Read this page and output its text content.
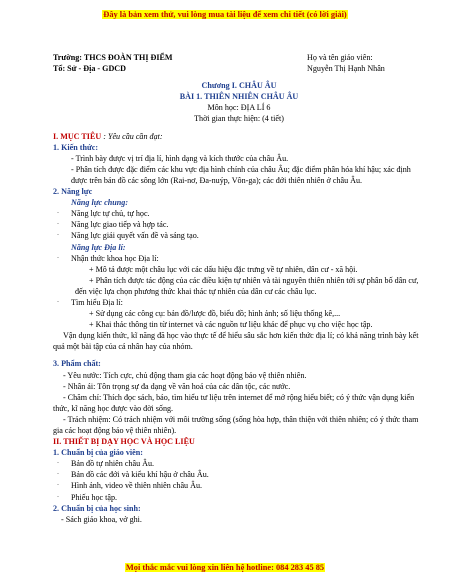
Đây là bản xem thử, vui lòng mua tài liệu để xem chi tiết (có lời giải)
Trường: THCS ĐOÀN THỊ ĐIỂM	Họ và tên giáo viên:
Tổ: Sử - Địa - GDCD	Nguyễn Thị Hạnh Nhân
Chương I. CHÂU ÂU
BÀI 1. THIÊN NHIÊN CHÂU ÂU
Môn học: ĐỊA LÍ 6
Thời gian thực hiện: (4 tiết)
I. MỤC TIÊU : Yêu cầu cần đạt:
1. Kiến thức:
- Trình bày được vị trí địa lí, hình dạng và kích thước của châu Âu.
- Phân tích được đặc điểm các khu vực địa hình chính của châu Âu; đặc điểm phân hóa khí hậu; xác định được trên bản đồ các sông lớn (Rai-nơ, Đa-nuýp, Vôn-ga); các đới thiên nhiên ở châu Âu.
2. Năng lực
Năng lực chung:
- Năng lực tự chủ, tự học.
- Năng lực giao tiếp và hợp tác.
- Năng lực giải quyết vấn đề và sáng tạo.
Năng lực Địa lí:
- Nhận thức khoa học Địa lí:
+ Mô tả được một châu lục với các dấu hiệu đặc trưng về tự nhiên, dân cư - xã hội.
+ Phân tích được tác động của các điều kiện tự nhiên và tài nguyên thiên nhiên tới sự phân bố dân cư, đến việc lựa chọn phương thức khai thác tự nhiên của dân cư các châu lục.
- Tìm hiểu Địa lí:
+ Sử dụng các công cụ: bản đồ/lược đồ, biểu đồ; hình ảnh; số liệu thống kê,...
+ Khai thác thông tin từ internet và các nguồn tư liệu khác để phục vụ cho việc học tập.
Vận dụng kiến thức, kĩ năng đã học vào thực tế để hiểu sâu sắc hơn kiến thức địa lí; có khả năng trình bày kết quả một bài tập của cá nhân hay của nhóm.
3. Phẩm chất:
- Yêu nước: Tích cực, chủ động tham gia các hoạt động bảo vệ thiên nhiên.
- Nhân ái: Tôn trọng sự đa dạng về văn hoá của các dân tộc, các nước.
- Chăm chỉ: Thích đọc sách, báo, tìm hiểu tư liệu trên internet để mở rộng hiểu biết; có ý thức vận dụng kiến thức, kĩ năng học được vào đời sống.
- Trách nhiệm: Có trách nhiệm với môi trường sống (sống hòa hợp, thân thiện với thiên nhiên; có ý thức tham gia các hoạt động bảo vệ thiên nhiên).
II. THIẾT BỊ DẠY HỌC VÀ HỌC LIỆU
1. Chuẩn bị của giáo viên:
- Bản đồ tự nhiên châu Âu.
- Bản đồ các đới và kiểu khí hậu ở châu Âu.
- Hình ảnh, video về thiên nhiên châu Âu.
- Phiếu học tập.
2. Chuẩn bị của học sinh:
- Sách giáo khoa, vở ghi.
Mọi thắc mắc vui lòng xin liên hệ hotline: 084 283 45 85
